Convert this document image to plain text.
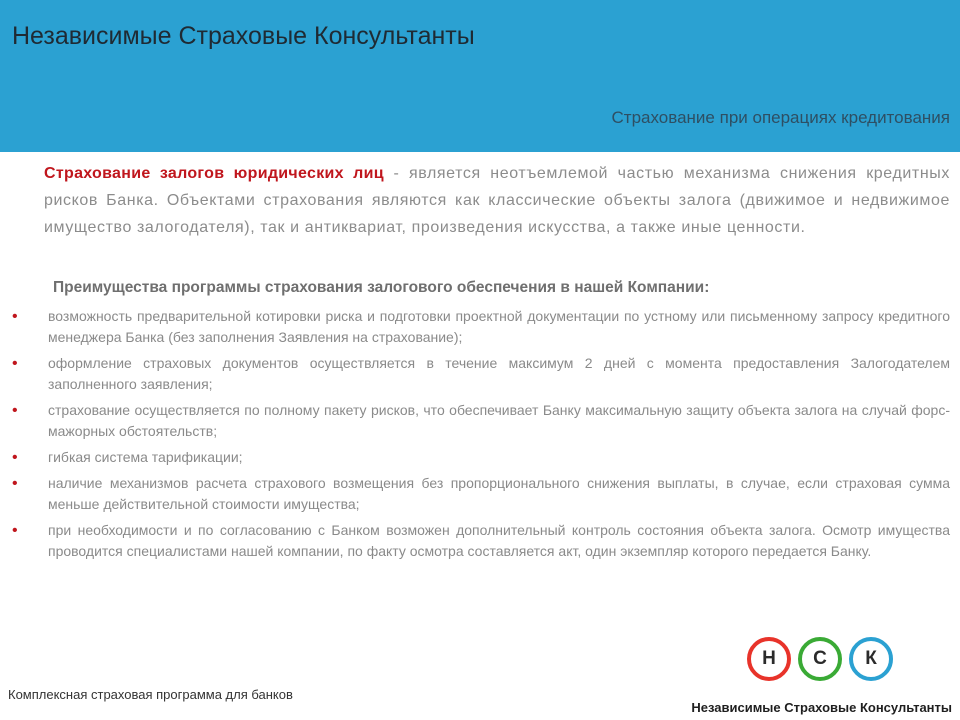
Независимые Страховые Консультанты
Страхование при операциях кредитования

Страхование залогов юридических лиц - является неотъемлемой частью механизма снижения кредитных рисков Банка. Объектами страхования являются как классические объекты залога (движимое и недвижимое имущество залогодателя), так и антиквариат, произведения искусства, а также иные ценности.

Преимущества программы страхования залогового обеспечения в нашей Компании:

• возможность предварительной котировки риска и подготовки проектной документации по устному или письменному запросу кредитного менеджера Банка (без заполнения Заявления на страхование);
• оформление страховых документов осуществляется в течение максимум 2 дней с момента предоставления Залогодателем заполненного заявления;
• страхование осуществляется по полному пакету рисков, что обеспечивает Банку максимальную защиту объекта залога на случай форс-мажорных обстоятельств;
• гибкая система тарификации;
• наличие механизмов расчета страхового возмещения без пропорционального снижения выплаты, в случае, если страховая сумма меньше действительной стоимости имущества;
• при необходимости и по согласованию с Банком возможен дополнительный контроль состояния объекта залога. Осмотр имущества проводится специалистами нашей компании, по факту осмотра составляется акт, один экземпляр которого передается Банку.
Комплексная страховая программа для банков
Н С К
Независимые Страховые Консультанты
